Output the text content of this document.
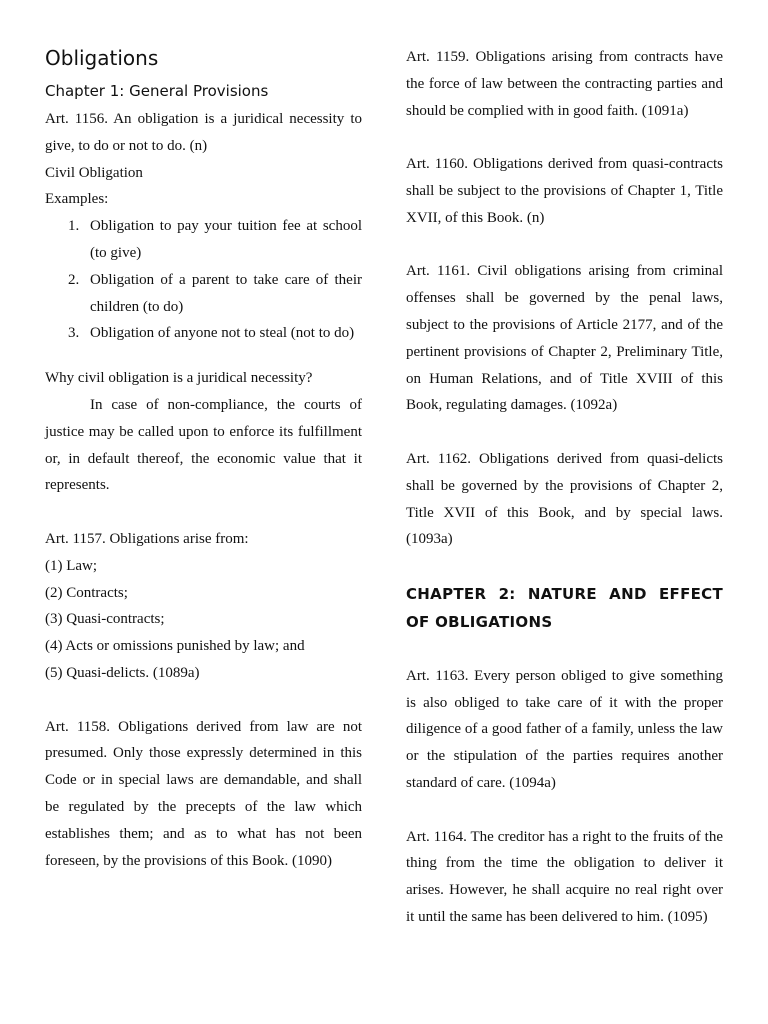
Obligations
Chapter 1: General Provisions

Art. 1156. An obligation is a juridical necessity to give, to do or not to do. (n)

Civil Obligation

Examples:

1. Obligation to pay your tuition fee at school (to give)
2. Obligation of a parent to take care of their children (to do)
3. Obligation of anyone not to steal (not to do)

Why civil obligation is a juridical necessity?

In case of non-compliance, the courts of justice may be called upon to enforce its fulfillment or, in default thereof, the economic value that it represents.

Art. 1157. Obligations arise from:

(1) Law;

(2) Contracts;

(3) Quasi-contracts;

(4) Acts or omissions punished by law; and

(5) Quasi-delicts. (1089a)

Art. 1158. Obligations derived from law are not presumed. Only those expressly determined in this Code or in special laws are demandable, and shall be regulated by the precepts of the law which establishes them; and as to what has not been foreseen, by the provisions of this Book. (1090)

Art. 1159. Obligations arising from contracts have the force of law between the contracting parties and should be complied with in good faith. (1091a)

Art. 1160. Obligations derived from quasi-contracts shall be subject to the provisions of Chapter 1, Title XVII, of this Book. (n)

Art. 1161. Civil obligations arising from criminal offenses shall be governed by the penal laws, subject to the provisions of Article 2177, and of the pertinent provisions of Chapter 2, Preliminary Title, on Human Relations, and of Title XVIII of this Book, regulating damages. (1092a)

Art. 1162. Obligations derived from quasi-delicts shall be governed by the provisions of Chapter 2, Title XVII of this Book, and by special laws. (1093a)

CHAPTER 2: NATURE AND EFFECT OF OBLIGATIONS

Art. 1163. Every person obliged to give something is also obliged to take care of it with the proper diligence of a good father of a family, unless the law or the stipulation of the parties requires another standard of care. (1094a)

Art. 1164. The creditor has a right to the fruits of the thing from the time the obligation to deliver it arises. However, he shall acquire no real right over it until the same has been delivered to him. (1095)
